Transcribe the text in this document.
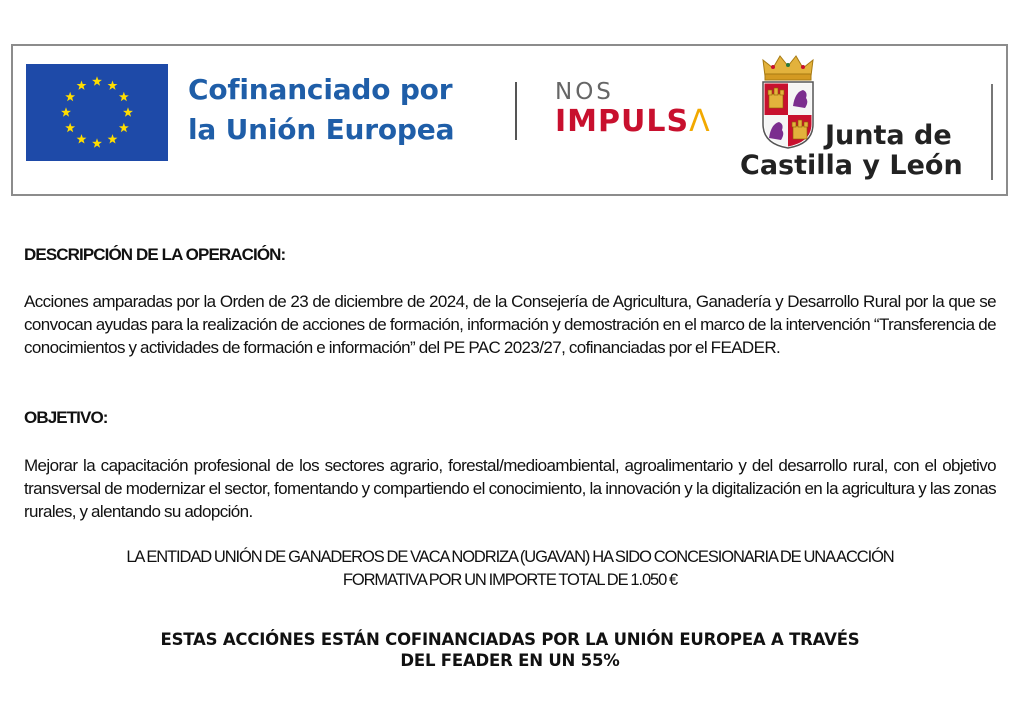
Cofinanciado por
la Unión Europea
NOS
IMPULSΛ	Junta de
Castilla y León
DESCRIPCIÓN DE LA OPERACIÓN:

Acciones amparadas por la Orden de 23 de diciembre de 2024, de la Consejería de Agricultura, Ganadería y Desarrollo Rural por la que se convocan ayudas para la realización de acciones de formación, información y demostración en el marco de la intervención “Transferencia de conocimientos y actividades de formación e información” del PE PAC 2023/27, cofinanciadas por el FEADER.

OBJETIVO:

Mejorar la capacitación profesional de los sectores agrario, forestal/medioambiental, agroalimentario y del desarrollo rural, con el objetivo transversal de modernizar el sector, fomentando y compartiendo el conocimiento, la innovación y la digitalización en la agricultura y las zonas rurales, y alentando su adopción.

LA ENTIDAD UNIÓN DE GANADEROS DE VACA NODRIZA (UGAVAN) HA SIDO CONCESIONARIA DE UNA ACCIÓN
FORMATIVA POR UN IMPORTE TOTAL DE 1.050 €
ESTAS ACCIÓNES ESTÁN COFINANCIADAS POR LA UNIÓN EUROPEA A TRAVÉS
DEL FEADER EN UN 55%
